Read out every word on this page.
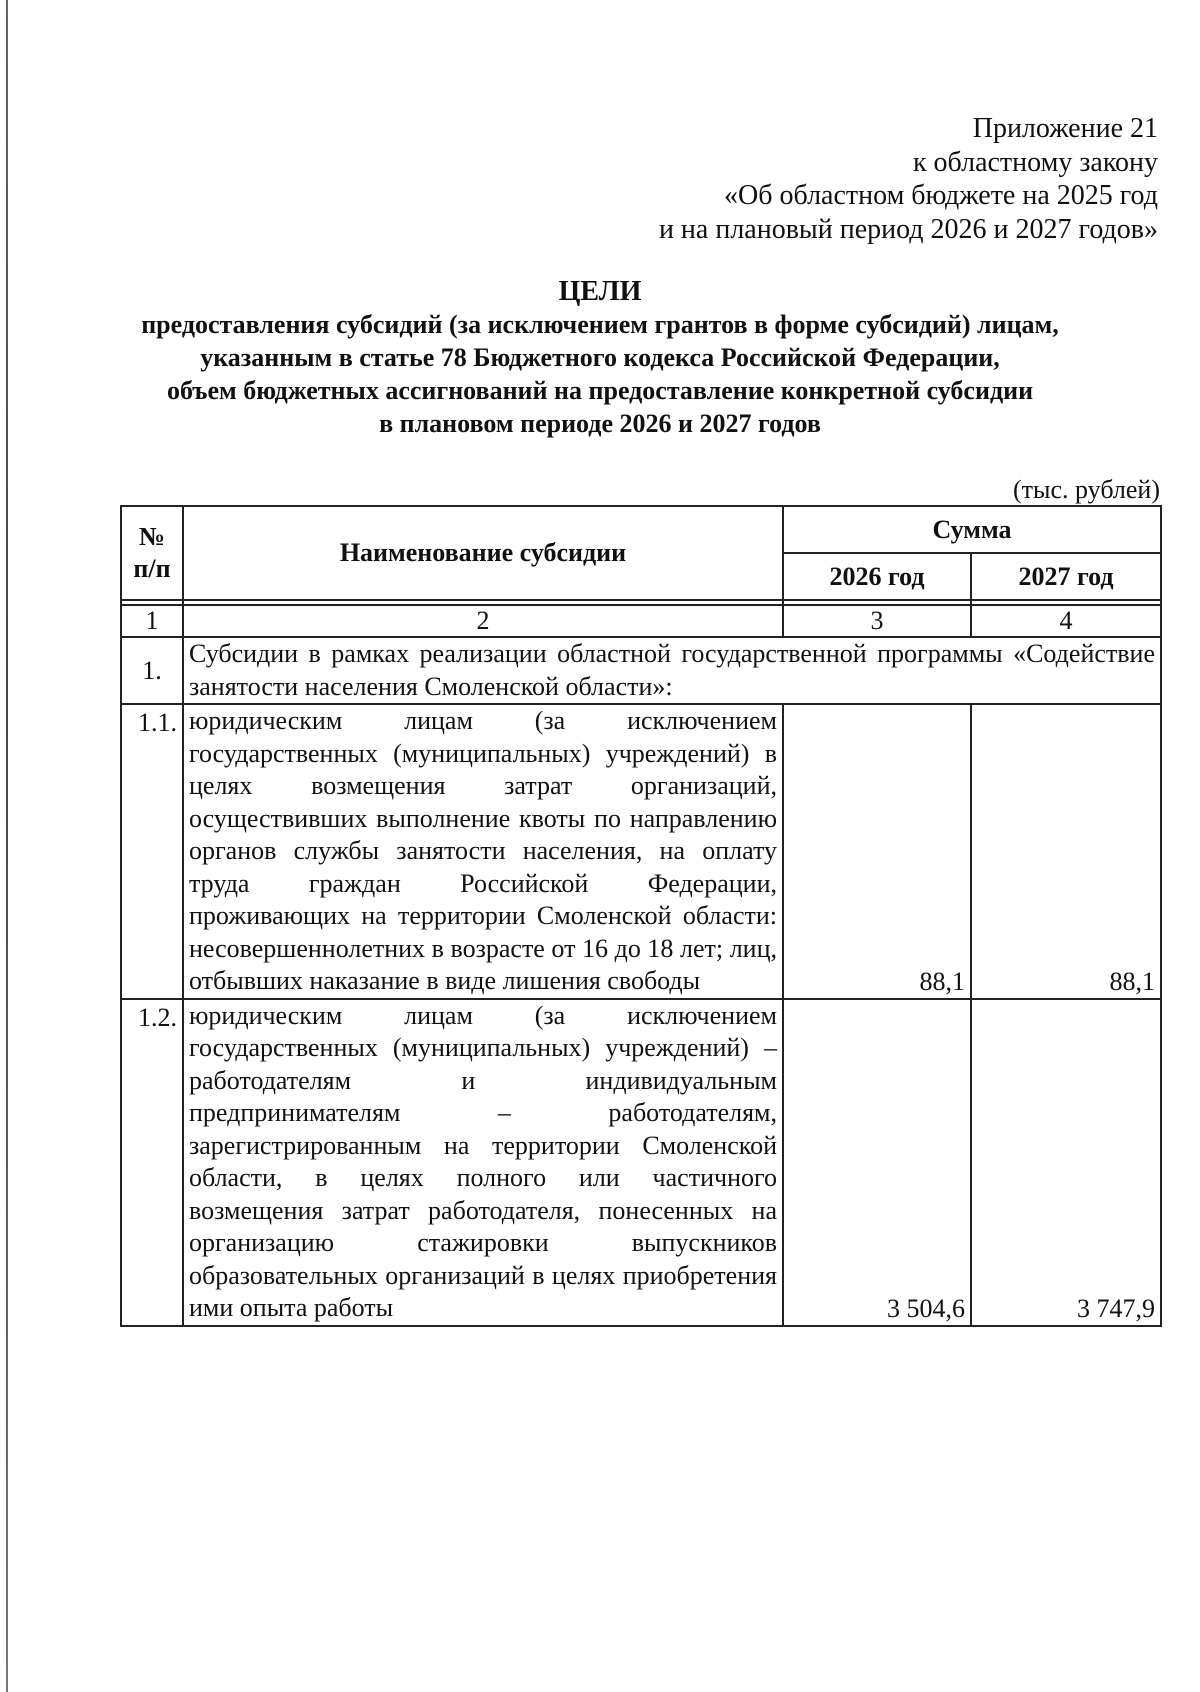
Приложение 21
к областному закону
«Об областном бюджете на 2025 год
и на плановый период 2026 и 2027 годов»
ЦЕЛИ
предоставления субсидий (за исключением грантов в форме субсидий) лицам,
указанным в статье 78 Бюджетного кодекса Российской Федерации,
объем бюджетных ассигнований на предоставление конкретной субсидии
в плановом периоде 2026 и 2027 годов
(тыс. рублей)
№ п/п	Наименование субсидии	Сумма	
		2026 год	2027 год

1	2	3	4
1.	Субсидии в рамках реализации областной государственной программы «Содействие занятости населения Смоленской области»:		
1.1.	юридическим лицам (за исключением государственных (муниципальных) учреждений) в целях возмещения затрат организаций, осуществивших выполнение квоты по направлению органов службы занятости населения, на оплату труда граждан Российской Федерации, проживающих на территории Смоленской области: несовершеннолетних в возрасте от 16 до 18 лет; лиц, отбывших наказание в виде лишения свободы	88,1	88,1
1.2.	юридическим лицам (за исключением государственных (муниципальных) учреждений) – работодателям и индивидуальным предпринимателям – работодателям, зарегистрированным на территории Смоленской области, в целях полного или частичного возмещения затрат работодателя, понесенных на организацию стажировки выпускников образовательных организаций в целях приобретения ими опыта работы	3 504,6	3 747,9
